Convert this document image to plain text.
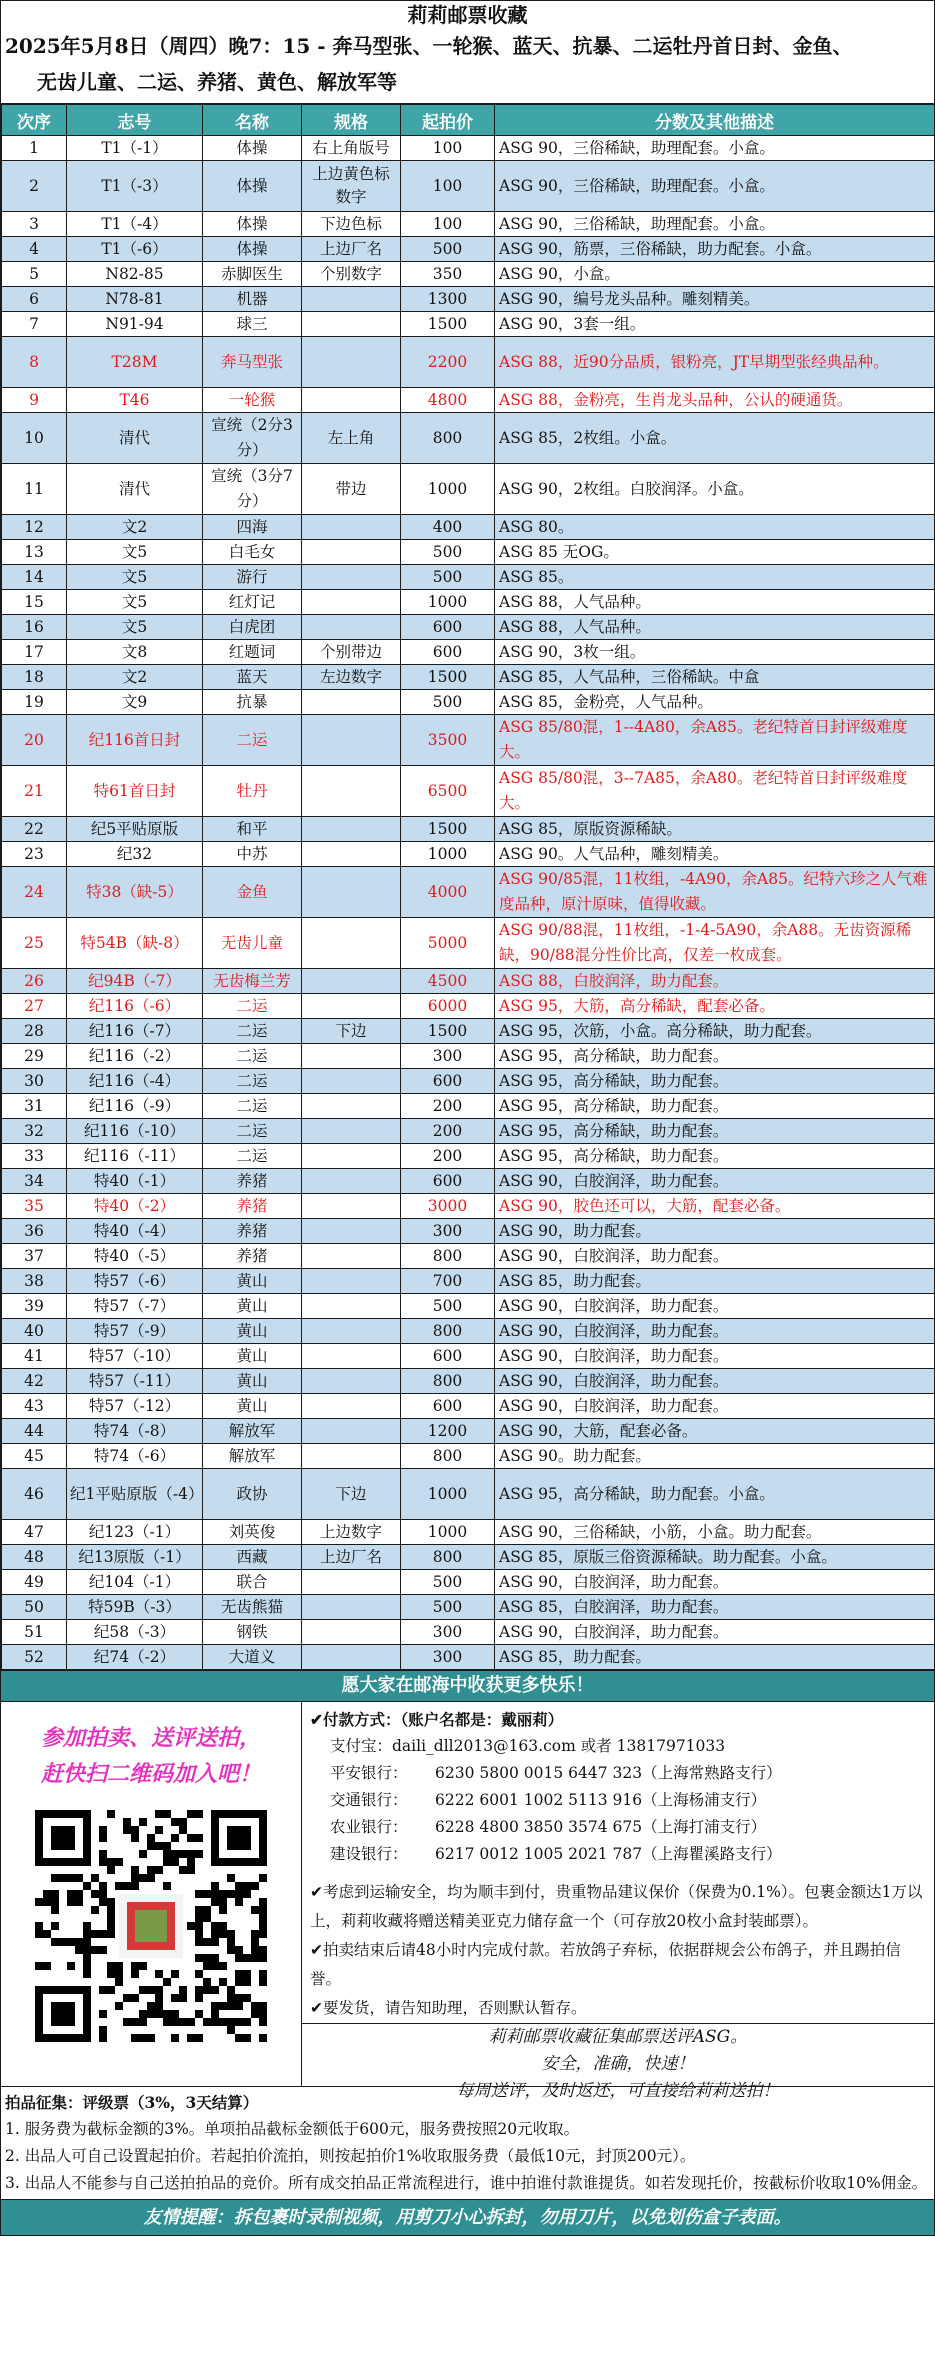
莉莉邮票收藏
2025年5月8日（周四）晚7：15 - 奔马型张、一轮猴、蓝天、抗暴、二运牡丹首日封、金鱼、
无齿儿童、二运、养猪、黄色、解放军等
次序	志号	名称	规格	起拍价	分数及其他描述
1	T1（-1）	体操	右上角版号	100	ASG 90，三俗稀缺，助理配套。小盒。
2	T1（-3）	体操	上边黄色标数字	100	ASG 90，三俗稀缺，助理配套。小盒。
3	T1（-4）	体操	下边色标	100	ASG 90，三俗稀缺，助理配套。小盒。
4	T1（-6）	体操	上边厂名	500	ASG 90，筋票，三俗稀缺，助力配套。小盒。
5	N82-85	赤脚医生	个别数字	350	ASG 90，小盒。
6	N78-81	机器		1300	ASG 90，编号龙头品种。雕刻精美。
7	N91-94	球三		1500	ASG 90，3套一组。
8	T28M	奔马型张		2200	ASG 88，近90分品质，银粉亮，JT早期型张经典品种。
9	T46	一轮猴		4800	ASG 88，金粉亮，生肖龙头品种，公认的硬通货。
10	清代	宣统（2分3分）	左上角	800	ASG 85，2枚组。小盒。
11	清代	宣统（3分7分）	带边	1000	ASG 90，2枚组。白胶润泽。小盒。
12	文2	四海		400	ASG 80。
13	文5	白毛女		500	ASG 85 无OG。
14	文5	游行		500	ASG 85。
15	文5	红灯记		1000	ASG 88，人气品种。
16	文5	白虎团		600	ASG 88，人气品种。
17	文8	红题词	个别带边	600	ASG 90，3枚一组。
18	文2	蓝天	左边数字	1500	ASG 85，人气品种，三俗稀缺。中盒
19	文9	抗暴		500	ASG 85，金粉亮，人气品种。
20	纪116首日封	二运		3500	ASG 85/80混，1--4A80，余A85。老纪特首日封评级难度大。
21	特61首日封	牡丹		6500	ASG 85/80混，3--7A85，余A80。老纪特首日封评级难度大。
22	纪5平贴原版	和平		1500	ASG 85，原版资源稀缺。
23	纪32	中苏		1000	ASG 90。人气品种，雕刻精美。
24	特38（缺-5）	金鱼		4000	ASG 90/85混，11枚组，-4A90，余A85。纪特六珍之人气难度品种，原汁原味，值得收藏。
25	特54B（缺-8）	无齿儿童		5000	ASG 90/88混，11枚组，-1-4-5A90，余A88。无齿资源稀缺，90/88混分性价比高，仅差一枚成套。
26	纪94B（-7）	无齿梅兰芳		4500	ASG 88，白胶润泽，助力配套。
27	纪116（-6）	二运		6000	ASG 95，大筋，高分稀缺，配套必备。
28	纪116（-7）	二运	下边	1500	ASG 95，次筋，小盒。高分稀缺，助力配套。
29	纪116（-2）	二运		300	ASG 95，高分稀缺，助力配套。
30	纪116（-4）	二运		600	ASG 95，高分稀缺，助力配套。
31	纪116（-9）	二运		200	ASG 95，高分稀缺，助力配套。
32	纪116（-10）	二运		200	ASG 95，高分稀缺，助力配套。
33	纪116（-11）	二运		200	ASG 95，高分稀缺，助力配套。
34	特40（-1）	养猪		600	ASG 90，白胶润泽，助力配套。
35	特40（-2）	养猪		3000	ASG 90，胶色还可以，大筋，配套必备。
36	特40（-4）	养猪		300	ASG 90，助力配套。
37	特40（-5）	养猪		800	ASG 90，白胶润泽，助力配套。
38	特57（-6）	黄山		700	ASG 85，助力配套。
39	特57（-7）	黄山		500	ASG 90，白胶润泽，助力配套。
40	特57（-9）	黄山		800	ASG 90，白胶润泽，助力配套。
41	特57（-10）	黄山		600	ASG 90，白胶润泽，助力配套。
42	特57（-11）	黄山		800	ASG 90，白胶润泽，助力配套。
43	特57（-12）	黄山		600	ASG 90，白胶润泽，助力配套。
44	特74（-8）	解放军		1200	ASG 90，大筋，配套必备。
45	特74（-6）	解放军		800	ASG 90。助力配套。
46	纪1平贴原版（-4）	政协	下边	1000	ASG 95，高分稀缺，助力配套。小盒。
47	纪123（-1）	刘英俊	上边数字	1000	ASG 90，三俗稀缺，小筋，小盒。助力配套。
48	纪13原版（-1）	西藏	上边厂名	800	ASG 85，原版三俗资源稀缺。助力配套。小盒。
49	纪104（-1）	联合		500	ASG 90，白胶润泽，助力配套。
50	特59B（-3）	无齿熊猫		500	ASG 85，白胶润泽，助力配套。
51	纪58（-3）	钢铁		300	ASG 90，白胶润泽，助力配套。
52	纪74（-2）	大道义		300	ASG 85，助力配套。
愿大家在邮海中收获更多快乐！
参加拍卖、送评送拍，
赶快扫二维码加入吧！
✔付款方式：（账户名都是：戴丽莉）
支付宝：daili_dll2013@163.com 或者 13817971033
平安银行：	6230 5800 0015 6447 323（上海常熟路支行）
交通银行：	6222 6001 1002 5113 916（上海杨浦支行）
农业银行：	6228 4800 3850 3574 675（上海打浦支行）
建设银行：	6217 0012 1005 2021 787（上海瞿溪路支行）
✔考虑到运输安全，均为顺丰到付，贵重物品建议保价（保费为0.1%）。包裹金额达1万以上，莉莉收藏将赠送精美亚克力储存盒一个（可存放20枚小盒封装邮票）。
✔拍卖结束后请48小时内完成付款。若放鸽子弃标，依据群规会公布鸽子，并且踢拍信誉。
✔要发货，请告知助理，否则默认暂存。
莉莉邮票收藏征集邮票送评ASG。
安全，准确，快速！
每周送评，及时返还，可直接给莉莉送拍！
拍品征集：评级票（3%，3天结算）
1. 服务费为截标金额的3%。单项拍品截标金额低于600元，服务费按照20元收取。
2. 出品人可自己设置起拍价。若起拍价流拍，则按起拍价1%收取服务费（最低10元，封顶200元）。
3. 出品人不能参与自己送拍拍品的竞价。所有成交拍品正常流程进行，谁中拍谁付款谁提货。如若发现托价，按截标价收取10%佣金。
友情提醒：拆包裹时录制视频，用剪刀小心拆封，勿用刀片，以免划伤盒子表面。
